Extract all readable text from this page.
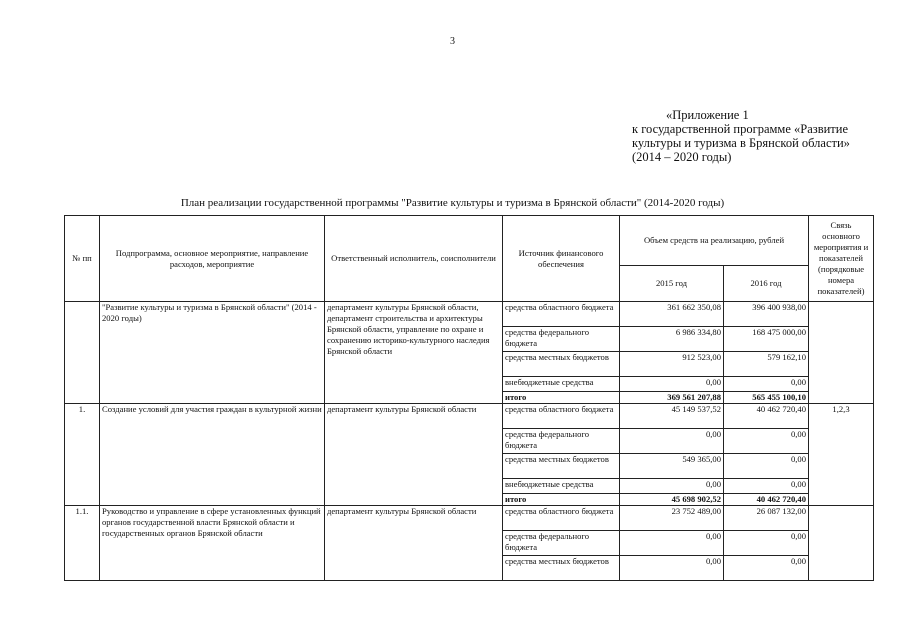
3
«Приложение 1
к государственной программе «Развитие
культуры и туризма в Брянской области»
(2014 – 2020 годы)
План реализации государственной программы "Развитие культуры и туризма в Брянской области" (2014-2020 годы)
№ пп	Подпрограмма, основное мероприятие, направление расходов, мероприятие	Ответственный исполнитель, соисполнители	Источник финансового обеспечения	Объем средств на реализацию, рублей		Связь основного мероприятия и показателей (порядковые номера показателей)
				2015 год	2016 год	
	"Развитие культуры и туризма в Брянской области" (2014 - 2020 годы)	департамент культуры Брянской области, департамент строительства и архитектуры Брянской области, управление по охране и сохранению историко-культурного наследия Брянской области	средства областного бюджета	361 662 350,08	396 400 938,00	
			средства федерального бюджета	6 986 334,80	168 475 000,00	
			средства местных бюджетов	912 523,00	579 162,10	
			внебюджетные средства	0,00	0,00	
			итого	369 561 207,88	565 455 100,10	
1.	Создание условий для участия граждан в культурной жизни	департамент культуры Брянской области	средства областного бюджета	45 149 537,52	40 462 720,40	1,2,3
			средства федерального бюджета	0,00	0,00	
			средства местных бюджетов	549 365,00	0,00	
			внебюджетные средства	0,00	0,00	
			итого	45 698 902,52	40 462 720,40	
1.1.	Руководство и управление в сфере установленных функций органов государственной власти Брянской области и государственных органов Брянской области	департамент культуры Брянской области	средства областного бюджета	23 752 489,00	26 087 132,00	
			средства федерального бюджета	0,00	0,00	
			средства местных бюджетов	0,00	0,00	
